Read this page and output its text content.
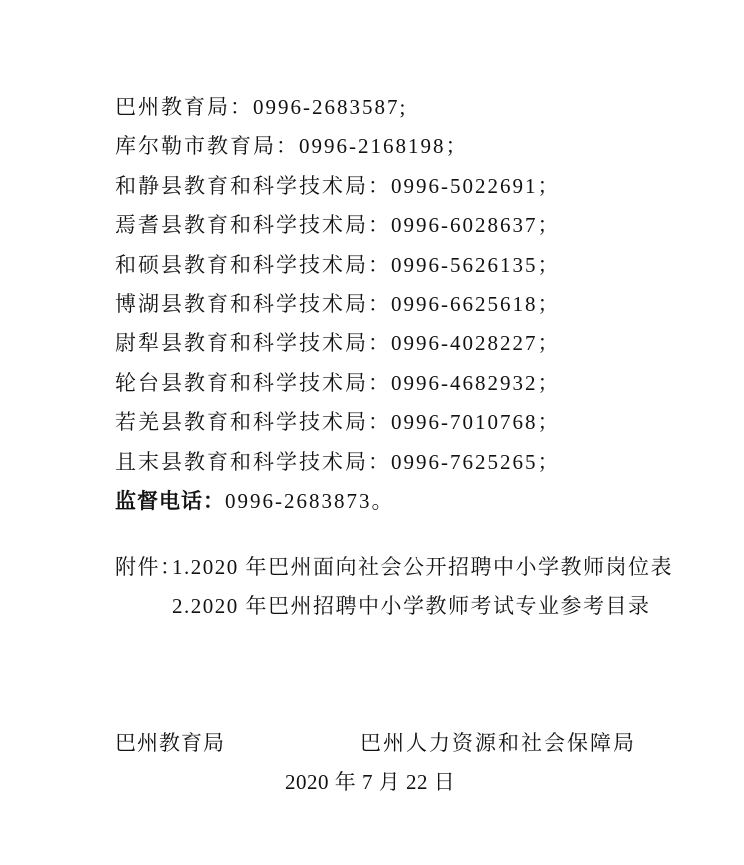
巴州教育局：0996-2683587;
库尔勒市教育局：0996-2168198；
和静县教育和科学技术局：0996-5022691；
焉耆县教育和科学技术局：0996-6028637；
和硕县教育和科学技术局：0996-5626135；
博湖县教育和科学技术局：0996-6625618；
尉犁县教育和科学技术局：0996-4028227；
轮台县教育和科学技术局：0996-4682932；
若羌县教育和科学技术局：0996-7010768；
且末县教育和科学技术局：0996-7625265；
监督电话：0996-2683873。
附件：
1.2020 年巴州面向社会公开招聘中小学教师岗位表
2.2020 年巴州招聘中小学教师考试专业参考目录
巴州教育局	巴州人力资源和社会保障局
2020 年 7 月 22 日
